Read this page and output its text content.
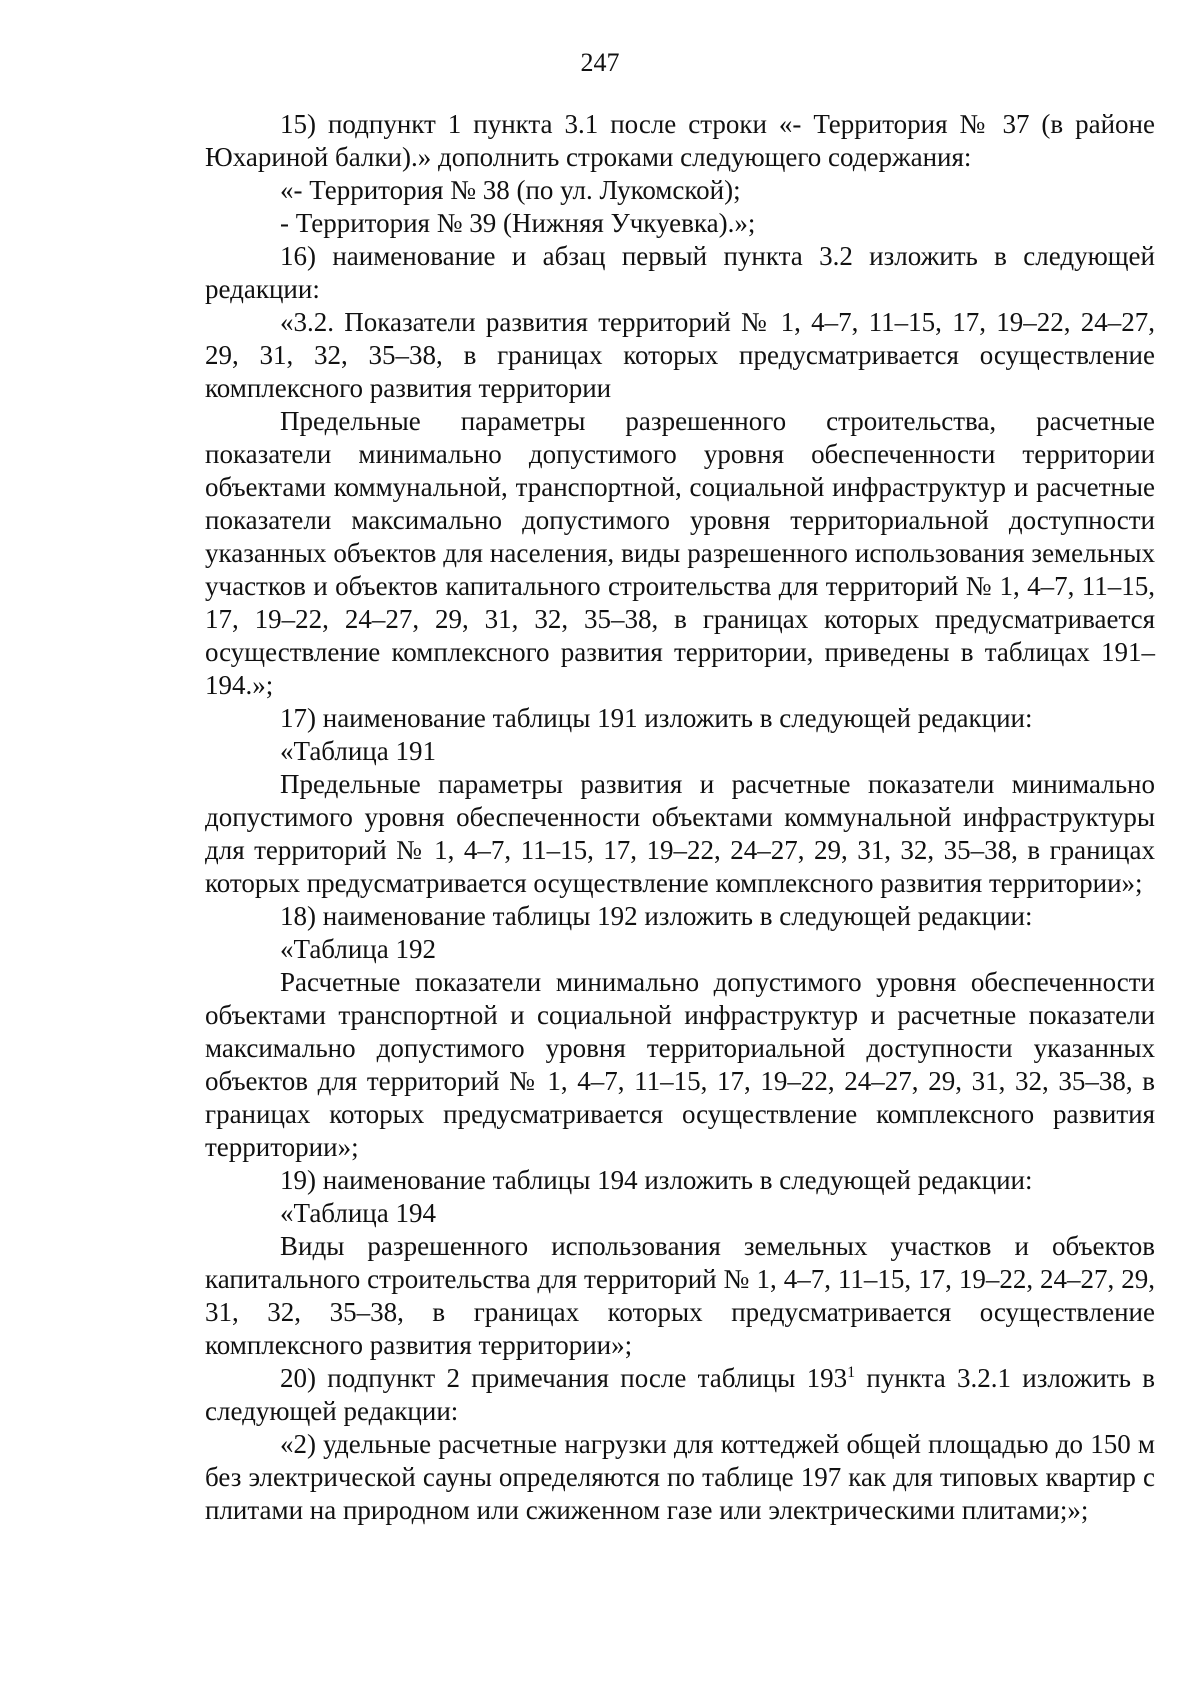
247

15) подпункт 1 пункта 3.1 после строки «- Территория № 37 (в районе Юхариной балки).» дополнить строками следующего содержания:

«- Территория № 38 (по ул. Лукомской);

- Территория № 39 (Нижняя Учкуевка).»;

16) наименование и абзац первый пункта 3.2 изложить в следующей редакции:

«3.2. Показатели развития территорий № 1, 4–7, 11–15, 17, 19–22, 24–27, 29, 31, 32, 35–38, в границах которых предусматривается осуществление комплексного развития территории

Предельные параметры разрешенного строительства, расчетные показатели минимально допустимого уровня обеспеченности территории объектами коммунальной, транспортной, социальной инфраструктур и расчетные показатели максимально допустимого уровня территориальной доступности указанных объектов для населения, виды разрешенного использования земельных участков и объектов капитального строительства для территорий № 1, 4–7, 11–15, 17, 19–22, 24–27, 29, 31, 32, 35–38, в границах которых предусматривается осуществление комплексного развития территории, приведены в таблицах 191–194.»;

17) наименование таблицы 191 изложить в следующей редакции:

«Таблица 191

Предельные параметры развития и расчетные показатели минимально допустимого уровня обеспеченности объектами коммунальной инфраструктуры для территорий № 1, 4–7, 11–15, 17, 19–22, 24–27, 29, 31, 32, 35–38, в границах которых предусматривается осуществление комплексного развития территории»;

18) наименование таблицы 192 изложить в следующей редакции:

«Таблица 192

Расчетные показатели минимально допустимого уровня обеспеченности объектами транспортной и социальной инфраструктур и расчетные показатели максимально допустимого уровня территориальной доступности указанных объектов для территорий № 1, 4–7, 11–15, 17, 19–22, 24–27, 29, 31, 32, 35–38, в границах которых предусматривается осуществление комплексного развития территории»;

19) наименование таблицы 194 изложить в следующей редакции:

«Таблица 194

Виды разрешенного использования земельных участков и объектов капитального строительства для территорий № 1, 4–7, 11–15, 17, 19–22, 24–27, 29, 31, 32, 35–38, в границах которых предусматривается осуществление комплексного развития территории»;

20) подпункт 2 примечания после таблицы $193^1$ пункта 3.2.1 изложить в следующей редакции:

«2) удельные расчетные нагрузки для коттеджей общей площадью до 150 м без электрической сауны определяются по таблице 197 как для типовых квартир с плитами на природном или сжиженном газе или электрическими плитами;»;
